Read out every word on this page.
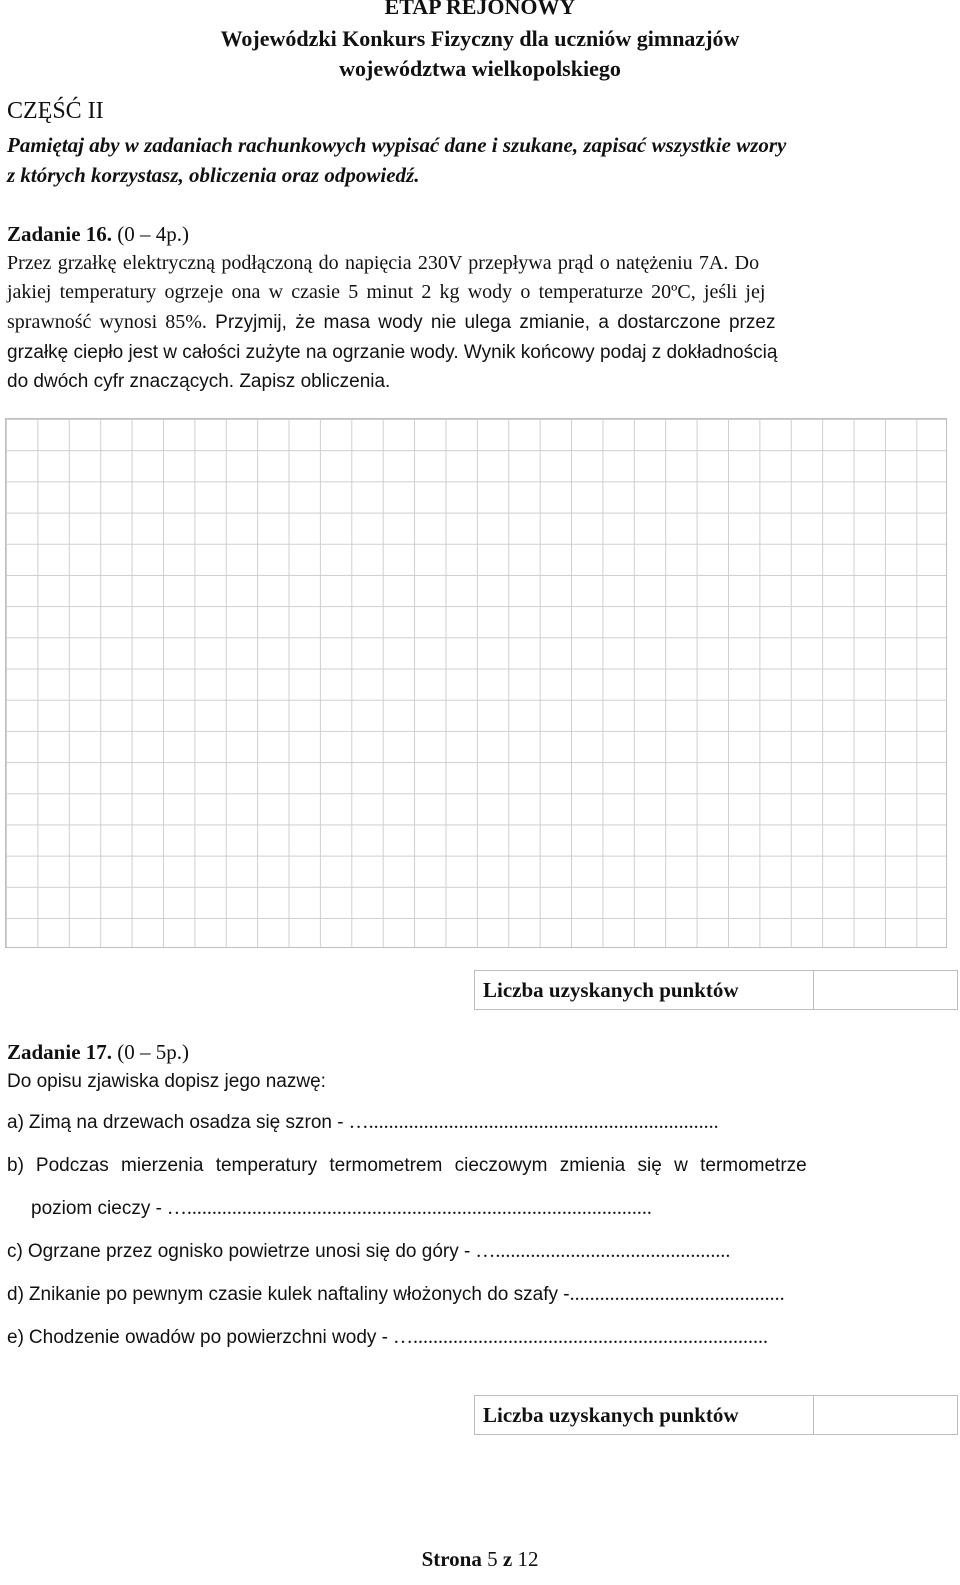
ETAP REJONOWY
Wojewódzki Konkurs Fizyczny dla uczniów gimnazjów
województwa wielkopolskiego
CZĘŚĆ II
Pamiętaj aby w zadaniach rachunkowych wypisać dane i szukane, zapisać wszystkie wzory
z których korzystasz, obliczenia oraz odpowiedź.
Zadanie 16. (0 – 4p.)
Przez grzałkę elektryczną podłączoną do napięcia 230V przepływa prąd o natężeniu 7A. Do
jakiej temperatury ogrzeje ona w czasie 5 minut 2 kg wody o temperaturze 20ºC, jeśli jej
sprawność wynosi 85%. Przyjmij, że masa wody nie ulega zmianie, a dostarczone przez
grzałkę ciepło jest w całości zużyte na ogrzanie wody. Wynik końcowy podaj z dokładnością
do dwóch cyfr znaczących. Zapisz obliczenia.
Liczba uzyskanych punktów
Zadanie 17. (0 – 5p.)
Do opisu zjawiska dopisz jego nazwę:
a) Zimą na drzewach osadza się szron - …......................................................................
b) Podczas mierzenia temperatury termometrem cieczowym zmienia się w termometrze
poziom cieczy - ….............................................................................................
c) Ogrzane przez ognisko powietrze unosi się do góry - …...............................................
d) Znikanie po pewnym czasie kulek naftaliny włożonych do szafy -...........................................
e) Chodzenie owadów po powierzchni wody - ….......................................................................
Liczba uzyskanych punktów
Strona 5 z 12
